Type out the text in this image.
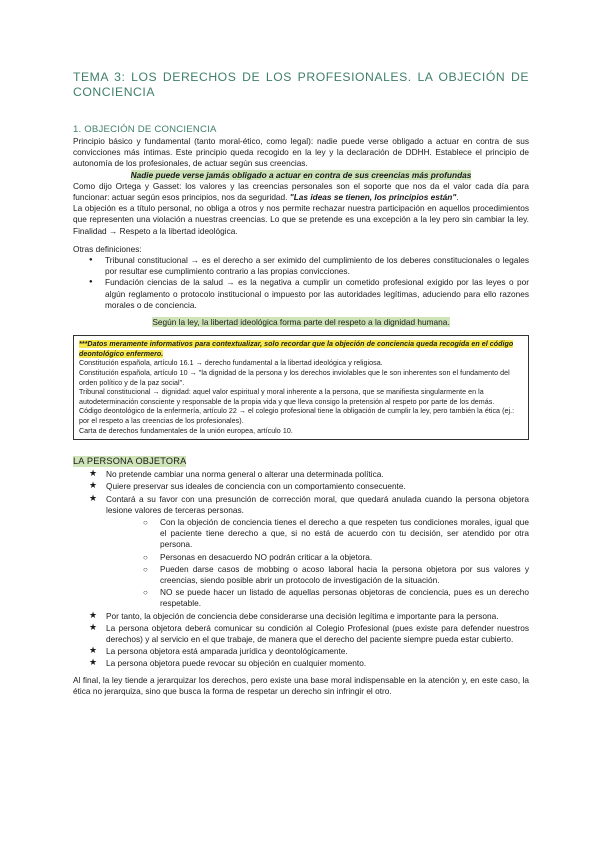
TEMA 3: LOS DERECHOS DE LOS PROFESIONALES. LA OBJECIÓN DE CONCIENCIA
1. OBJECIÓN DE CONCIENCIA

Principio básico y fundamental (tanto moral-ético, como legal): nadie puede verse obligado a actuar en contra de sus convicciones más íntimas. Este principio queda recogido en la ley y la declaración de DDHH. Establece el principio de autonomía de los profesionales, de actuar según sus creencias.

Nadie puede verse jamás obligado a actuar en contra de sus creencias más profundas

Como dijo Ortega y Gasset: los valores y las creencias personales son el soporte que nos da el valor cada día para funcionar: actuar según esos principios, nos da seguridad. "Las ideas se tienen, los principios están".

La objeción es a título personal, no obliga a otros y nos permite rechazar nuestra participación en aquellos procedimientos que representen una violación a nuestras creencias. Lo que se pretende es una excepción a la ley pero sin cambiar la ley. Finalidad → Respeto a la libertad ideológica.

Otras definiciones:

● Tribunal constitucional → es el derecho a ser eximido del cumplimiento de los deberes constitucionales o legales por resultar ese cumplimiento contrario a las propias convicciones.
● Fundación ciencias de la salud → es la negativa a cumplir un cometido profesional exigido por las leyes o por algún reglamento o protocolo institucional o impuesto por las autoridades legítimas, aduciendo para ello razones morales o de conciencia.

Según la ley, la libertad ideológica forma parte del respeto a la dignidad humana.

***Datos meramente informativos para contextualizar, solo recordar que la objeción de conciencia queda recogida en el código deontológico enfermero.
Constitución española, artículo 16.1 → derecho fundamental a la libertad ideológica y religiosa.
Constitución española, artículo 10 → "la dignidad de la persona y los derechos inviolables que le son inherentes son el fundamento del orden político y de la paz social".
Tribunal constitucional → dignidad: aquel valor espiritual y moral inherente a la persona, que se manifiesta singularmente en la autodeterminación consciente y responsable de la propia vida y que lleva consigo la pretensión al respeto por parte de los demás.
Código deontológico de la enfermería, artículo 22 → el colegio profesional tiene la obligación de cumplir la ley, pero también la ética (ej.: por el respeto a las creencias de los profesionales).
Carta de derechos fundamentales de la unión europea, artículo 10.
LA PERSONA OBJETORA
★ No pretende cambiar una norma general o alterar una determinada política.
★ Quiere preservar sus ideales de conciencia con un comportamiento consecuente.
★ Contará a su favor con una presunción de corrección moral, que quedará anulada cuando la persona objetora lesione valores de terceras personas.
○ Con la objeción de conciencia tienes el derecho a que respeten tus condiciones morales, igual que el paciente tiene derecho a que, si no está de acuerdo con tu decisión, ser atendido por otra persona.
○ Personas en desacuerdo NO podrán criticar a la objetora.
○ Pueden darse casos de mobbing o acoso laboral hacia la persona objetora por sus valores y creencias, siendo posible abrir un protocolo de investigación de la situación.
○ NO se puede hacer un listado de aquellas personas objetoras de conciencia, pues es un derecho respetable.
★ Por tanto, la objeción de conciencia debe considerarse una decisión legítima e importante para la persona.
★ La persona objetora deberá comunicar su condición al Colegio Profesional (pues existe para defender nuestros derechos) y al servicio en el que trabaje, de manera que el derecho del paciente siempre pueda estar cubierto.
★ La persona objetora está amparada jurídica y deontológicamente.
★ La persona objetora puede revocar su objeción en cualquier momento.

Al final, la ley tiende a jerarquizar los derechos, pero existe una base moral indispensable en la atención y, en este caso, la ética no jerarquiza, sino que busca la forma de respetar un derecho sin infringir el otro.
